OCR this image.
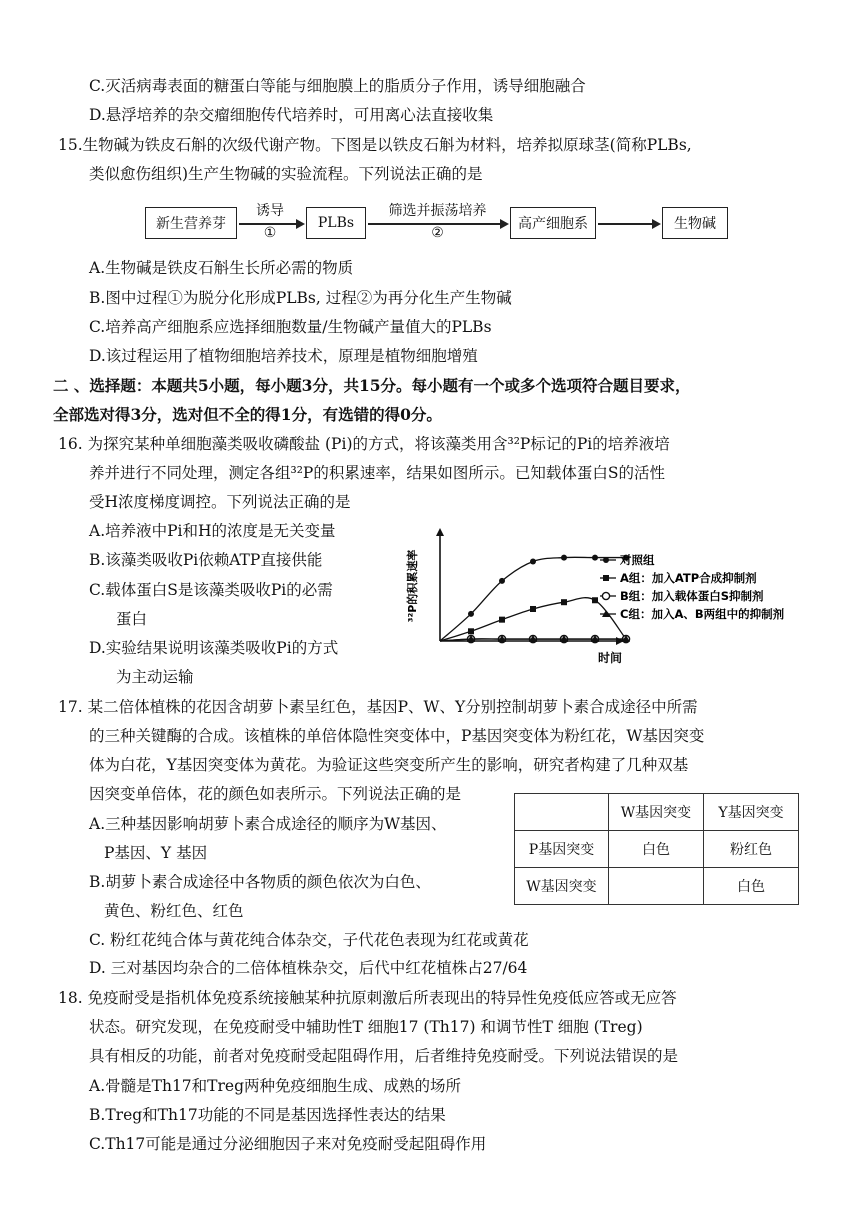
C.灭活病毒表面的糖蛋白等能与细胞膜上的脂质分子作用，诱导细胞融合
D.悬浮培养的杂交瘤细胞传代培养时，可用离心法直接收集
15.生物碱为铁皮石斛的次级代谢产物。下图是以铁皮石斛为材料，培养拟原球茎(简称PLBs,
类似愈伤组织)生产生物碱的实验流程。下列说法正确的是
新生营养芽
诱导
①
PLBs
筛选并振荡培养
②
高产细胞系	生物碱
A.生物碱是铁皮石斛生长所必需的物质
B.图中过程①为脱分化形成PLBs, 过程②为再分化生产生物碱
C.培养高产细胞系应选择细胞数量/生物碱产量值大的PLBs
D.该过程运用了植物细胞培养技术，原理是植物细胞增殖
二 、选择题：本题共5小题，每小题3分，共15分。每小题有一个或多个选项符合题目要求，
全部选对得3分，选对但不全的得1分，有选错的得0分。
16. 为探究某种单细胞藻类吸收磷酸盐 (Pi)的方式，将该藻类用含³²P标记的Pi的培养液培
养并进行不同处理，测定各组³²P的积累速率，结果如图所示。已知载体蛋白S的活性
受H浓度梯度调控。下列说法正确的是
A.培养液中Pi和H的浓度是无关变量
B.该藻类吸收Pi依赖ATP直接供能
C.载体蛋白S是该藻类吸收Pi的必需
蛋白
D.实验结果说明该藻类吸收Pi的方式
为主动运输
³²P的积累速率
时间
对照组
A组：加入ATP合成抑制剂
B组：加入载体蛋白S抑制剂
C组：加入A、B两组中的抑制剂
17. 某二倍体植株的花因含胡萝卜素呈红色，基因P、W、Y分别控制胡萝卜素合成途径中所需
的三种关键酶的合成。该植株的单倍体隐性突变体中，P基因突变体为粉红花，W基因突变
体为白花，Y基因突变体为黄花。为验证这些突变所产生的影响，研究者构建了几种双基
因突变单倍体，花的颜色如表所示。下列说法正确的是
	W基因突变	Y基因突变
P基因突变	白色	粉红色
W基因突变		白色
A.三种基因影响胡萝卜素合成途径的顺序为W基因、
P基因、Y 基因
B.胡萝卜素合成途径中各物质的颜色依次为白色、
黄色、粉红色、红色
C. 粉红花纯合体与黄花纯合体杂交，子代花色表现为红花或黄花
D. 三对基因均杂合的二倍体植株杂交，后代中红花植株占27/64
18. 免疫耐受是指机体免疫系统接触某种抗原刺激后所表现出的特异性免疫低应答或无应答
状态。研究发现，在免疫耐受中辅助性T 细胞17 (Th17) 和调节性T 细胞 (Treg)
具有相反的功能，前者对免疫耐受起阻碍作用，后者维持免疫耐受。下列说法错误的是
A.骨髓是Th17和Treg两种免疫细胞生成、成熟的场所
B.Treg和Th17功能的不同是基因选择性表达的结果
C.Th17可能是通过分泌细胞因子来对免疫耐受起阻碍作用
